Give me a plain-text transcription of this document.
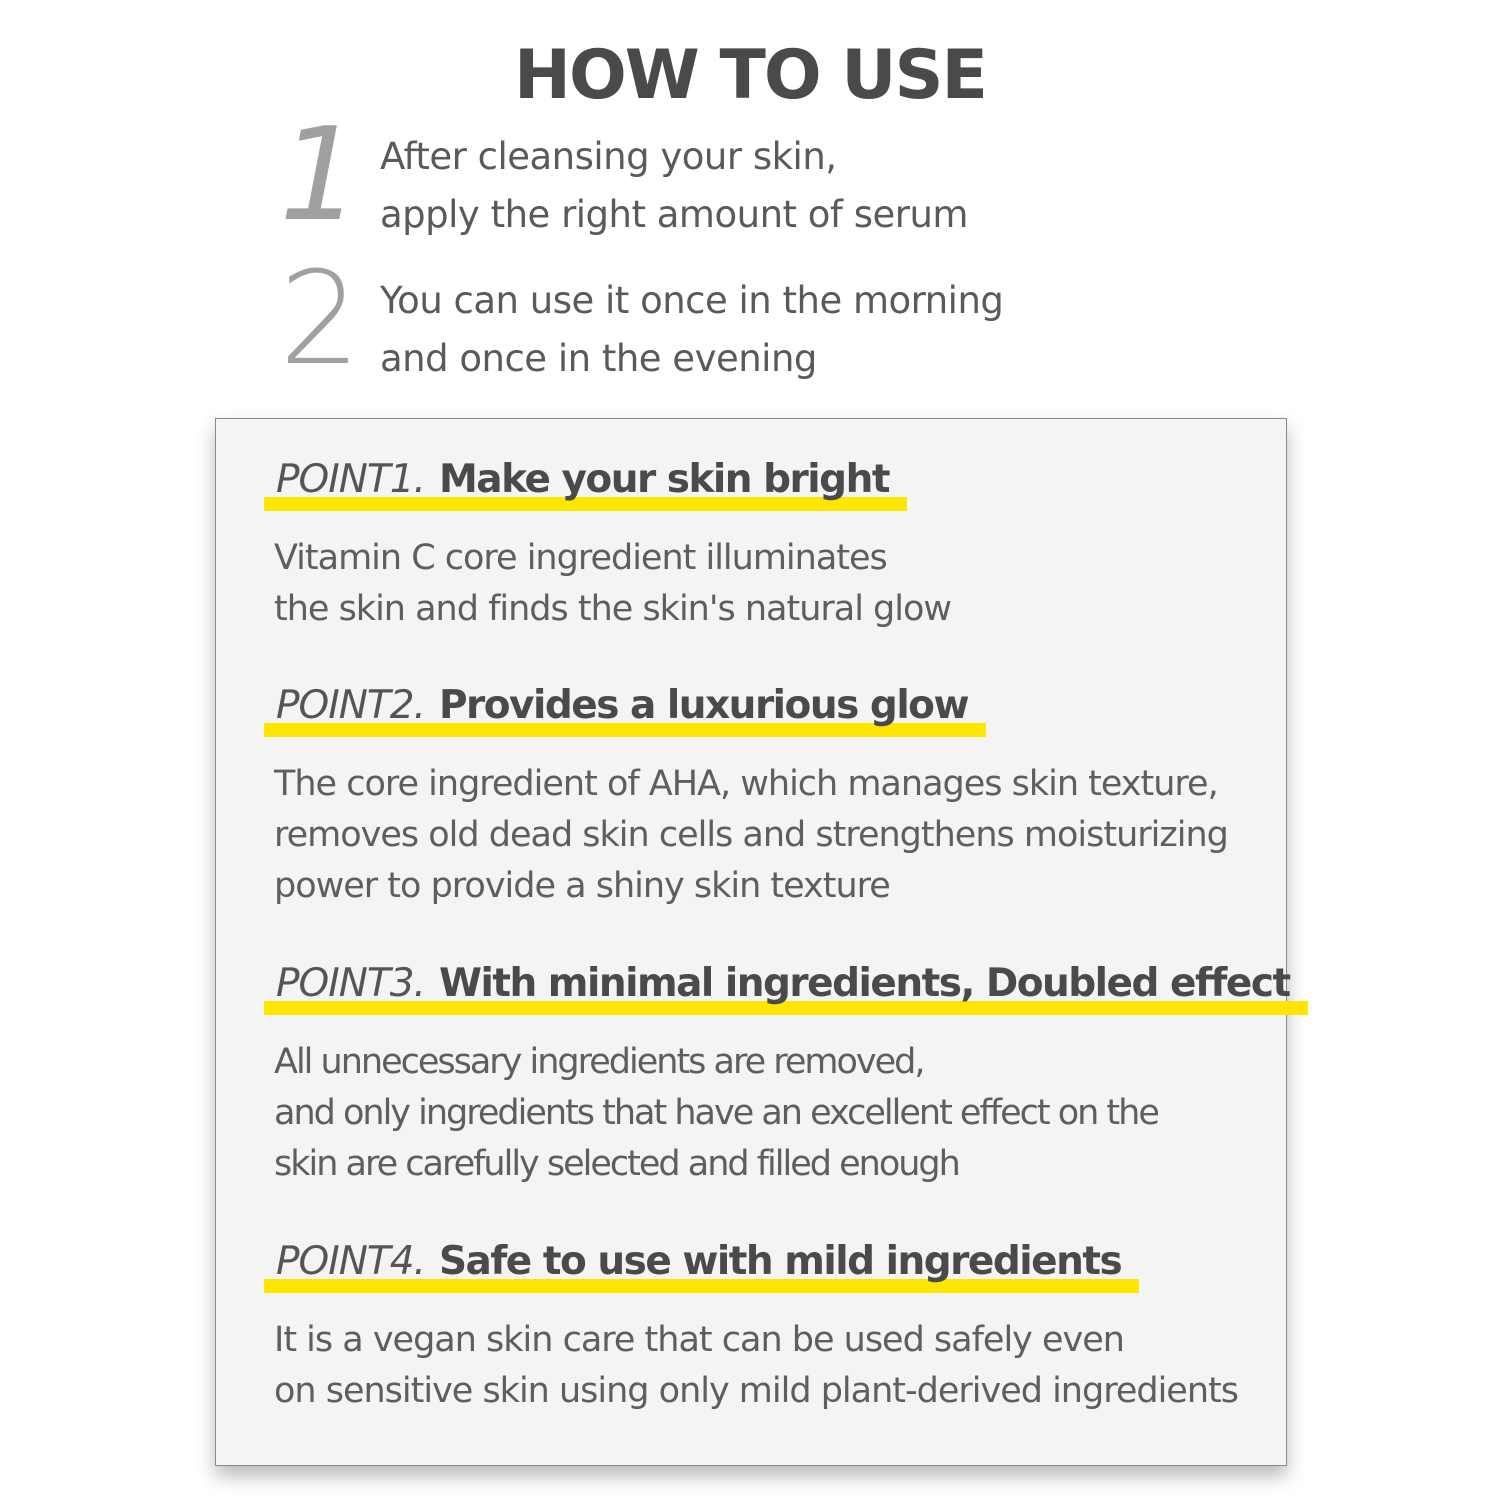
HOW TO USE
1 After cleansing your skin,
apply the right amount of serum
2 You can use it once in the morning
and once in the evening
POINT1. Make your skin bright
Vitamin C core ingredient illuminates
the skin and finds the skin's natural glow
POINT2. Provides a luxurious glow
The core ingredient of AHA, which manages skin texture,
removes old dead skin cells and strengthens moisturizing
power to provide a shiny skin texture
POINT3. With minimal ingredients, Doubled effect
All unnecessary ingredients are removed,
and only ingredients that have an excellent effect on the
skin are carefully selected and filled enough
POINT4. Safe to use with mild ingredients
It is a vegan skin care that can be used safely even
on sensitive skin using only mild plant-derived ingredients
